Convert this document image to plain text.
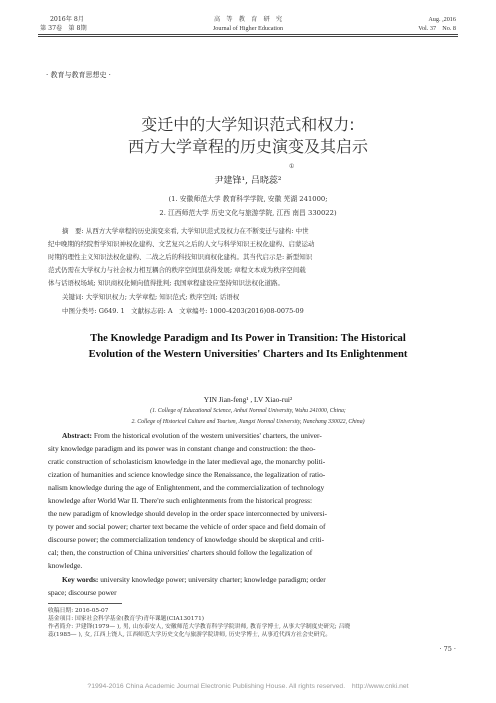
2016年 8月
第 37卷　第 8期
高　等　教　育　研　究
Journal of Higher Education
Aug. ,2016
Vol. 37　No. 8
· 教育与教育思想史 ·
变迁中的大学知识范式和权力:
西方大学章程的历史演变及其启示
①
尹建锋¹, 吕晓蕊²
(1. 安徽师范大学 教育科学学院, 安徽 芜湖 241000;
2. 江西师范大学 历史文化与旅游学院, 江西 南昌 330022)
摘　要: 从西方大学章程的历史演变来看, 大学知识范式及权力在不断变迁与建构: 中世
纪中晚期的经院哲学知识神权化建构、文艺复兴之后的人文与科学知识王权化建构、启蒙运动
时期的理性主义知识法权化建构、二战之后的科技知识商权化建构。其当代启示是: 新型知识
范式仍需在大学权力与社会权力相互耦合的秩序空间里获得发展; 章程文本成为秩序空间载
体与话语权场域; 知识商权化倾向值得批判; 我国章程建设应坚持知识法权化道路。
关键词: 大学知识权力; 大学章程; 知识范式; 秩序空间; 话语权
中图分类号: G649. 1　文献标志码: A　文章编号: 1000-4203(2016)08-0075-09
The Knowledge Paradigm and Its Power in Transition: The Historical
Evolution of the Western Universities' Charters and Its Enlightenment
YIN Jian-feng¹ , LV Xiao-rui²
(1. College of Educational Science, Anhui Normal University, Wuhu 241000, China;
2. College of Historical Culture and Tourism, Jiangxi Normal University, Nanchang 330022, China)
Abstract: From the historical evolution of the western universities' charters, the univer-
sity knowledge paradigm and its power was in constant change and construction: the theo-
cratic construction of scholasticism knowledge in the later medieval age, the monarchy politi-
cization of humanities and science knowledge since the Renaissance, the legalization of ratio-
nalism knowledge during the age of Enlightenment, and the commercialization of technology
knowledge after World War II. There're such enlightenments from the historical progress:
the new paradigm of knowledge should develop in the order space interconnected by universi-
ty power and social power; charter text became the vehicle of order space and field domain of
discourse power; the commercialization tendency of knowledge should be skeptical and criti-
cal; then, the construction of China universities' charters should follow the legalization of
knowledge.
Key words: university knowledge power; university charter; knowledge paradigm; order
space; discourse power
收稿日期: 2016-05-07
基金项目: 国家社会科学基金(教育学)青年课题(CIA130171)
作者简介: 尹建锋(1979— ), 男, 山东泰安人, 安徽师范大学教育科学学院讲师, 教育学博士, 从事大学制度史研究; 吕晓
蕊(1985— ), 女, 江西上饶人, 江西师范大学历史文化与旅游学院讲师, 历史学博士, 从事近代西方社会史研究。
· 75 ·
?1994-2016 China Academic Journal Electronic Publishing House. All rights reserved.　http://www.cnki.net
